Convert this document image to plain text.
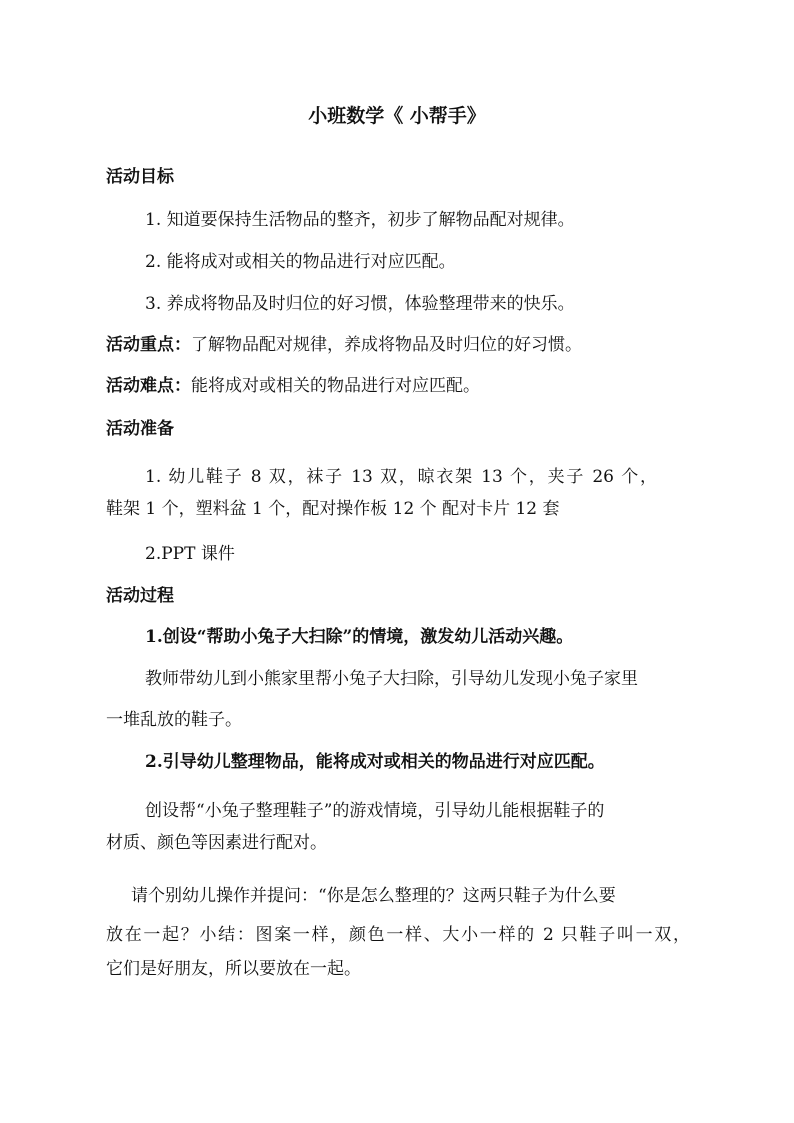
小班数学《 小帮手》
活动目标
1. 知道要保持生活物品的整齐，初步了解物品配对规律。
2. 能将成对或相关的物品进行对应匹配。
3. 养成将物品及时归位的好习惯，体验整理带来的快乐。
活动重点：了解物品配对规律，养成将物品及时归位的好习惯。
活动难点：能将成对或相关的物品进行对应匹配。
活动准备
1. 幼儿鞋子 8 双，袜子 13 双，晾衣架 13 个，夹子 26 个，
鞋架 1 个，塑料盆 1 个，配对操作板 12 个 配对卡片 12 套
2.PPT 课件
活动过程
1.创设“帮助小兔子大扫除”的情境，激发幼儿活动兴趣。
教师带幼儿到小熊家里帮小兔子大扫除，引导幼儿发现小兔子家里
一堆乱放的鞋子。
2.引导幼儿整理物品，能将成对或相关的物品进行对应匹配。
创设帮“小兔子整理鞋子”的游戏情境，引导幼儿能根据鞋子的
材质、颜色等因素进行配对。
请个别幼儿操作并提问：“你是怎么整理的？这两只鞋子为什么要
放在一起？小结：图案一样，颜色一样、大小一样的 2 只鞋子叫一双，
它们是好朋友，所以要放在一起。
